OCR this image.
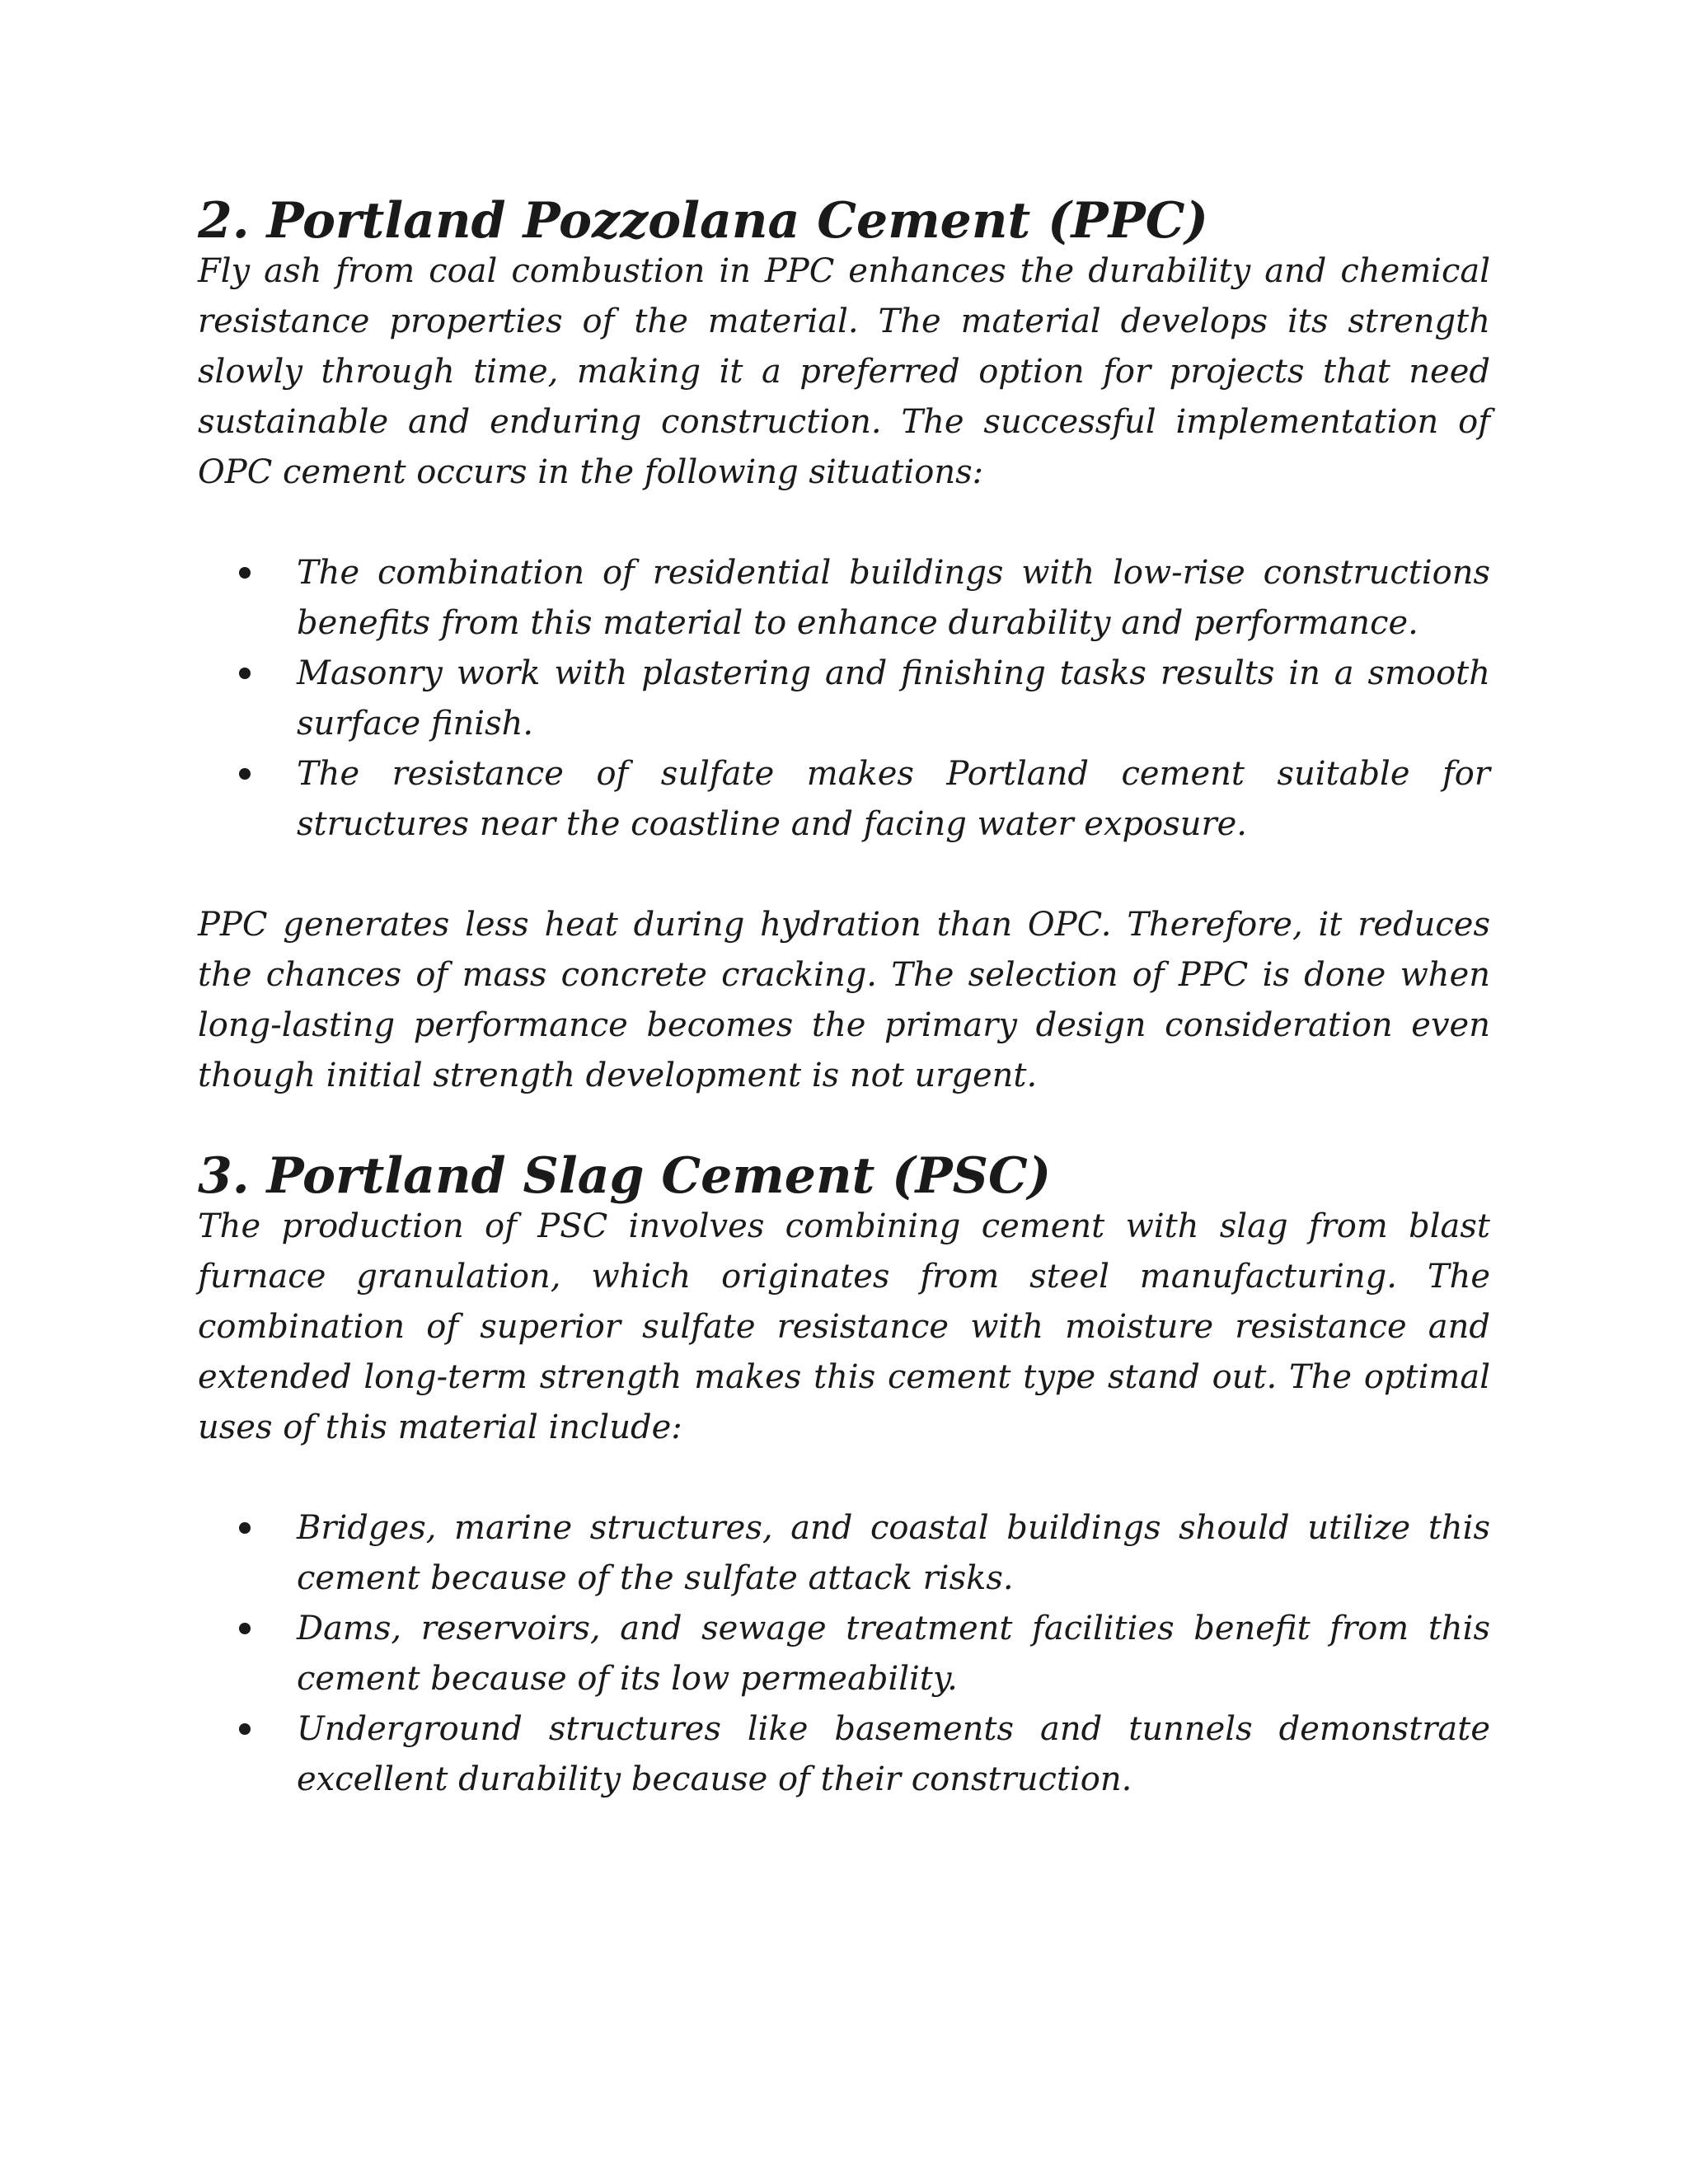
2. Portland Pozzolana Cement (PPC)

Fly ash from coal combustion in PPC enhances the durability and chemical resistance properties of the material. The material develops its strength slowly through time, making it a preferred option for projects that need sustainable and enduring construction. The successful implementation of OPC cement occurs in the following situations:

The combination of residential buildings with low-rise constructions benefits from this material to enhance durability and performance.
Masonry work with plastering and finishing tasks results in a smooth surface finish.
The resistance of sulfate makes Portland cement suitable for structures near the coastline and facing water exposure.

PPC generates less heat during hydration than OPC. Therefore, it reduces the chances of mass concrete cracking. The selection of PPC is done when long-lasting performance becomes the primary design consideration even though initial strength development is not urgent.

3. Portland Slag Cement (PSC)

The production of PSC involves combining cement with slag from blast furnace granulation, which originates from steel manufacturing. The combination of superior sulfate resistance with moisture resistance and extended long-term strength makes this cement type stand out. The optimal uses of this material include:

Bridges, marine structures, and coastal buildings should utilize this cement because of the sulfate attack risks.
Dams, reservoirs, and sewage treatment facilities benefit from this cement because of its low permeability.
Underground structures like basements and tunnels demonstrate excellent durability because of their construction.
